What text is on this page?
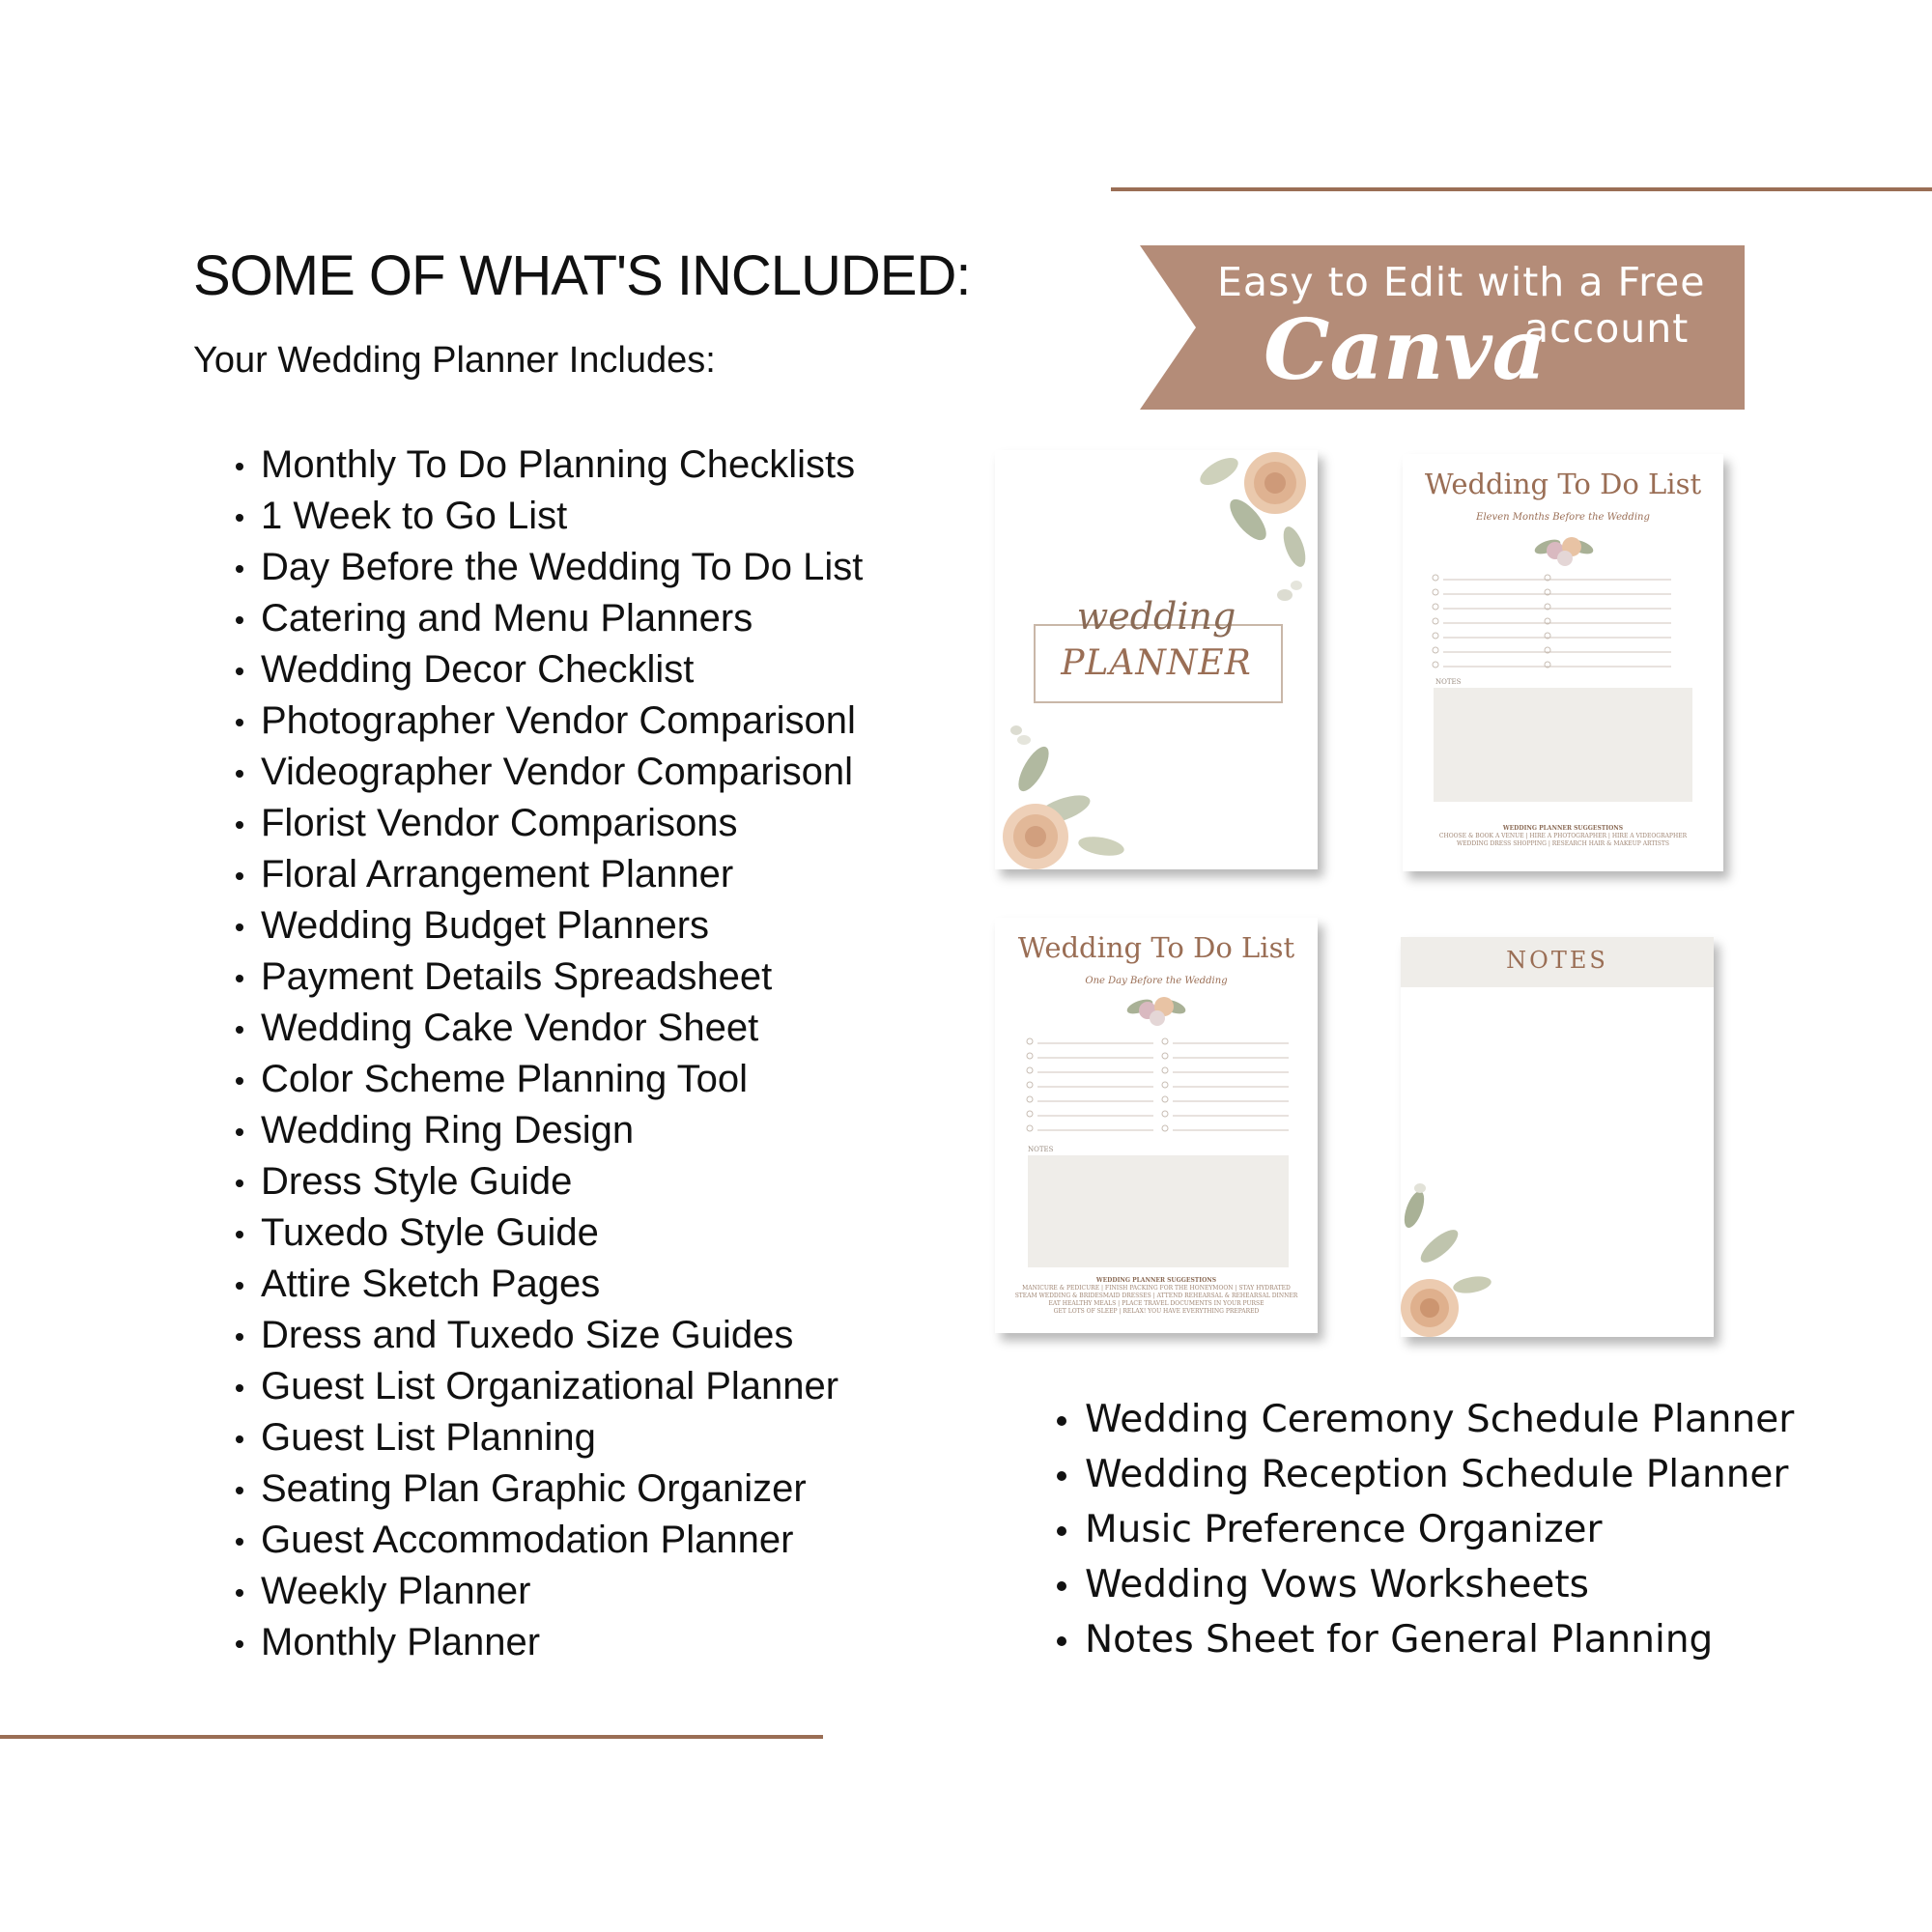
SOME OF WHAT'S INCLUDED:

Your Wedding Planner Includes:

Monthly To Do Planning Checklists
1 Week to Go List
Day Before the Wedding To Do List
Catering and Menu Planners
Wedding Decor Checklist
Photographer Vendor Comparisonl
Videographer Vendor Comparisonl
Florist Vendor Comparisons
Floral Arrangement Planner
Wedding Budget Planners
Payment Details Spreadsheet
Wedding Cake Vendor Sheet
Color Scheme Planning Tool
Wedding Ring Design
Dress Style Guide
Tuxedo Style Guide
Attire Sketch Pages
Dress and Tuxedo Size Guides
Guest List Organizational Planner
Guest List Planning
Seating Plan Graphic Organizer
Guest Accommodation Planner
Weekly Planner
Monthly Planner
Wedding Ceremony Schedule Planner
Wedding Reception Schedule Planner
Music Preference Organizer
Wedding Vows Worksheets
Notes Sheet for General Planning
Easy to Edit with a Free
Canva
account
wedding
PLANNER
Wedding To Do List
Eleven Months Before the Wedding
NOTES
WEDDING PLANNER SUGGESTIONS
CHOOSE & BOOK A VENUE | HIRE A PHOTOGRAPHER | HIRE A VIDEOGRAPHER
WEDDING DRESS SHOPPING | RESEARCH HAIR & MAKEUP ARTISTS
Wedding To Do List
One Day Before the Wedding
NOTES
WEDDING PLANNER SUGGESTIONS
MANICURE & PEDICURE | FINISH PACKING FOR THE HONEYMOON | STAY HYDRATED
STEAM WEDDING & BRIDESMAID DRESSES | ATTEND REHEARSAL & REHEARSAL DINNER
EAT HEALTHY MEALS | PLACE TRAVEL DOCUMENTS IN YOUR PURSE
GET LOTS OF SLEEP | RELAX! YOU HAVE EVERYTHING PREPARED
NOTES
